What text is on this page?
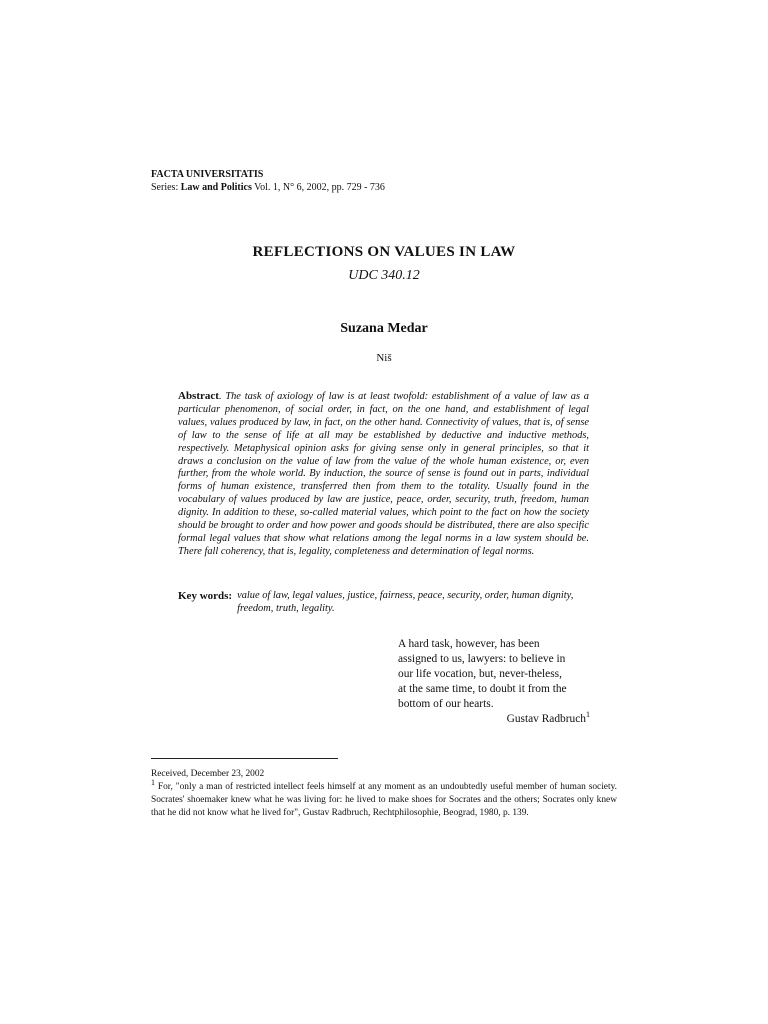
FACTA UNIVERSITATIS
Series: Law and Politics Vol. 1, N° 6, 2002, pp. 729 - 736
REFLECTIONS ON VALUES IN LAW
UDC 340.12
Suzana Medar
Niš
Abstract. The task of axiology of law is at least twofold: establishment of a value of law as a particular phenomenon, of social order, in fact, on the one hand, and establishment of legal values, values produced by law, in fact, on the other hand. Connectivity of values, that is, of sense of law to the sense of life at all may be established by deductive and inductive methods, respectively. Metaphysical opinion asks for giving sense only in general principles, so that it draws a conclusion on the value of law from the value of the whole human existence, or, even further, from the whole world. By induction, the source of sense is found out in parts, individual forms of human existence, transferred then from them to the totality. Usually found in the vocabulary of values produced by law are justice, peace, order, security, truth, freedom, human dignity. In addition to these, so-called material values, which point to the fact on how the society should be brought to order and how power and goods should be distributed, there are also specific formal legal values that show what relations among the legal norms in a law system should be. There fall coherency, that is, legality, completeness and determination of legal norms.
Key words: value of law, legal values, justice, fairness, peace, security, order, human dignity, freedom, truth, legality.
A hard task, however, has been
assigned to us, lawyers: to believe in
our life vocation, but, never-theless,
at the same time, to doubt it from the
bottom of our hearts.
Gustav Radbruch$^1$
Received, December 23, 2002
$^1$ For, "only a man of restricted intellect feels himself at any moment as an undoubtedly useful member of human society. Socrates' shoemaker knew what he was living for: he lived to make shoes for Socrates and the others; Socrates only knew that he did not know what he lived for", Gustav Radbruch, Rechtphilosophie, Beograd, 1980, p. 139.
